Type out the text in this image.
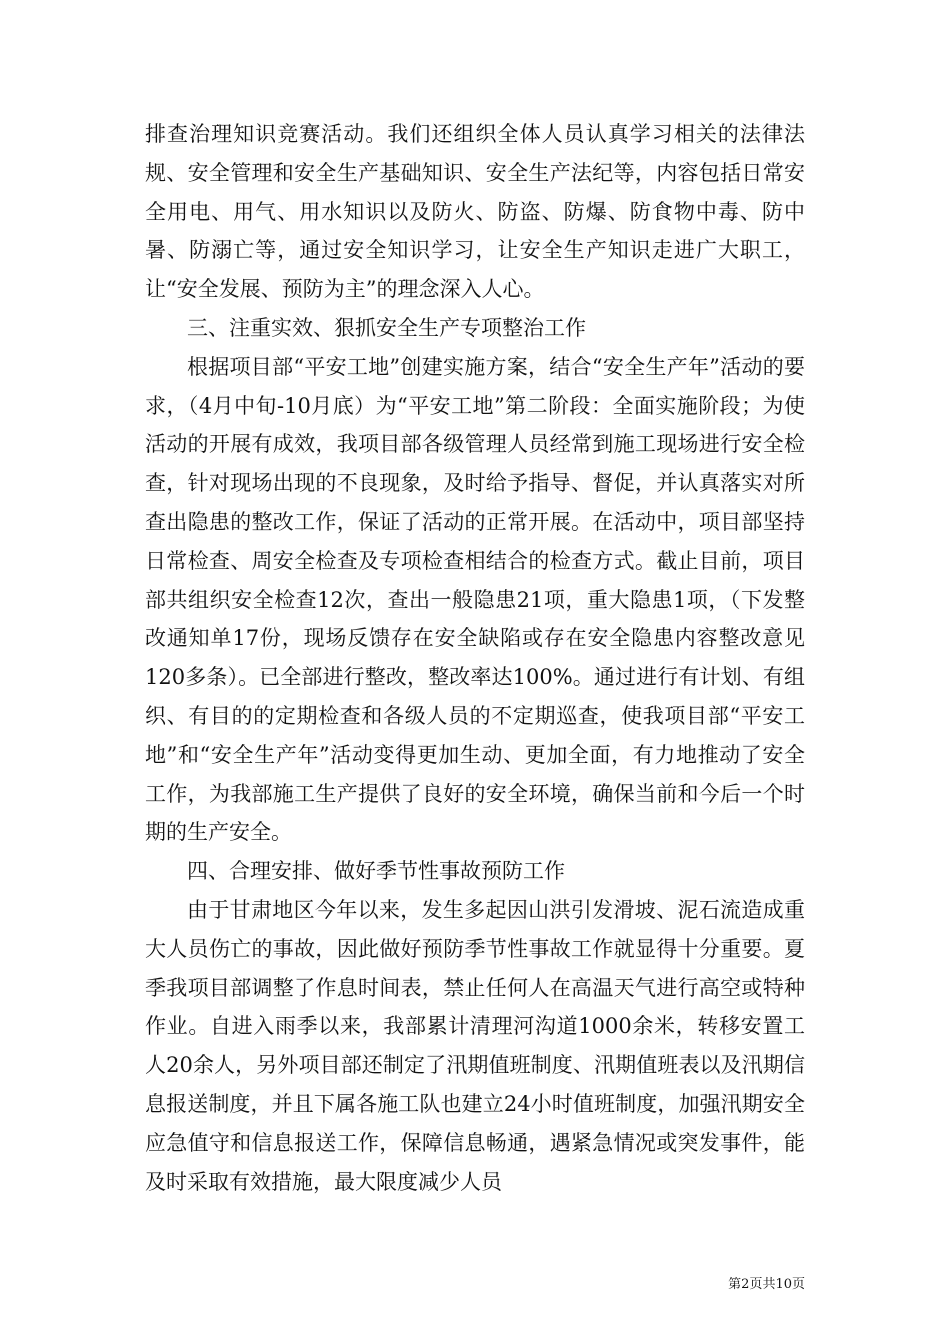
排查治理知识竞赛活动。我们还组织全体人员认真学习相关的法律法规、安全管理和安全生产基础知识、安全生产法纪等，内容包括日常安全用电、用气、用水知识以及防火、防盗、防爆、防食物中毒、防中暑、防溺亡等，通过安全知识学习，让安全生产知识走进广大职工，让“安全发展、预防为主”的理念深入人心。

三、注重实效、狠抓安全生产专项整治工作

根据项目部“平安工地”创建实施方案，结合“安全生产年”活动的要求，（4月中旬-10月底）为“平安工地”第二阶段：全面实施阶段；为使活动的开展有成效，我项目部各级管理人员经常到施工现场进行安全检查，针对现场出现的不良现象，及时给予指导、督促，并认真落实对所查出隐患的整改工作，保证了活动的正常开展。在活动中，项目部坚持日常检查、周安全检查及专项检查相结合的检查方式。截止目前，项目部共组织安全检查12次，查出一般隐患21项，重大隐患1项，（下发整改通知单17份，现场反馈存在安全缺陷或存在安全隐患内容整改意见120多条）。已全部进行整改，整改率达100%。通过进行有计划、有组织、有目的的定期检查和各级人员的不定期巡查，使我项目部“平安工地”和“安全生产年”活动变得更加生动、更加全面，有力地推动了安全工作，为我部施工生产提供了良好的安全环境，确保当前和今后一个时期的生产安全。

四、合理安排、做好季节性事故预防工作

由于甘肃地区今年以来，发生多起因山洪引发滑坡、泥石流造成重大人员伤亡的事故，因此做好预防季节性事故工作就显得十分重要。夏季我项目部调整了作息时间表，禁止任何人在高温天气进行高空或特种作业。自进入雨季以来，我部累计清理河沟道1000余米，转移安置工人20余人，另外项目部还制定了汛期值班制度、汛期值班表以及汛期信息报送制度，并且下属各施工队也建立24小时值班制度，加强汛期安全应急值守和信息报送工作，保障信息畅通，遇紧急情况或突发事件，能及时采取有效措施，最大限度减少人员

第2页共10页
